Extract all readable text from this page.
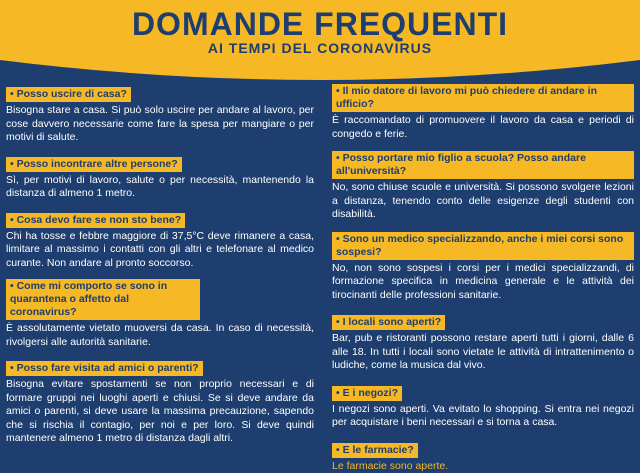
DOMANDE FREQUENTI
AI TEMPI DEL CORONAVIRUS
• Posso uscire di casa?
Bisogna stare a casa. Si può solo uscire per andare al lavoro, per cose davvero necessarie come fare la spesa per mangiare o per motivi di salute.
• Posso incontrare altre persone?
Sì, per motivi di lavoro, salute o per necessità, mantenendo la distanza di almeno 1 metro.
• Cosa devo fare se non sto bene?
Chi ha tosse e febbre maggiore di 37,5°C deve rimanere a casa, limitare al massimo i contatti con gli altri e telefonare al medico curante. Non andare al pronto soccorso.
• Come mi comporto se sono in quarantena o affetto dal coronavirus?
È assolutamente vietato muoversi da casa. In caso di necessità, rivolgersi alle autorità sanitarie.
• Posso fare visita ad amici o parenti?
Bisogna evitare spostamenti se non proprio necessari e di formare gruppi nei luoghi aperti e chiusi. Se si deve andare da amici o parenti, si deve usare la massima precauzione, sapendo che si rischia il contagio, per noi e per loro. Si deve quindi mantenere almeno 1 metro di distanza dagli altri.
• Il mio datore di lavoro mi può chiedere di andare in ufficio?
È raccomandato di promuovere il lavoro da casa e periodi di congedo e ferie.
• Posso portare mio figlio a scuola? Posso andare all'università?
No, sono chiuse scuole e università. Si possono svolgere lezioni a distanza, tenendo conto delle esigenze degli studenti con disabilità.
• Sono un medico specializzando, anche i miei corsi sono sospesi?
No, non sono sospesi i corsi per i medici specializzandi, di formazione specifica in medicina generale e le attività dei tirocinanti delle professioni sanitarie.
• I locali sono aperti?
Bar, pub e ristoranti possono restare aperti tutti i giorni, dalle 6 alle 18. In tutti i locali sono vietate le attività di intrattenimento o ludiche, come la musica dal vivo.
• E i negozi?
I negozi sono aperti. Va evitato lo shopping. Si entra nei negozi per acquistare i beni necessari e si torna a casa.
• E le farmacie?
Le farmacie sono aperte.
